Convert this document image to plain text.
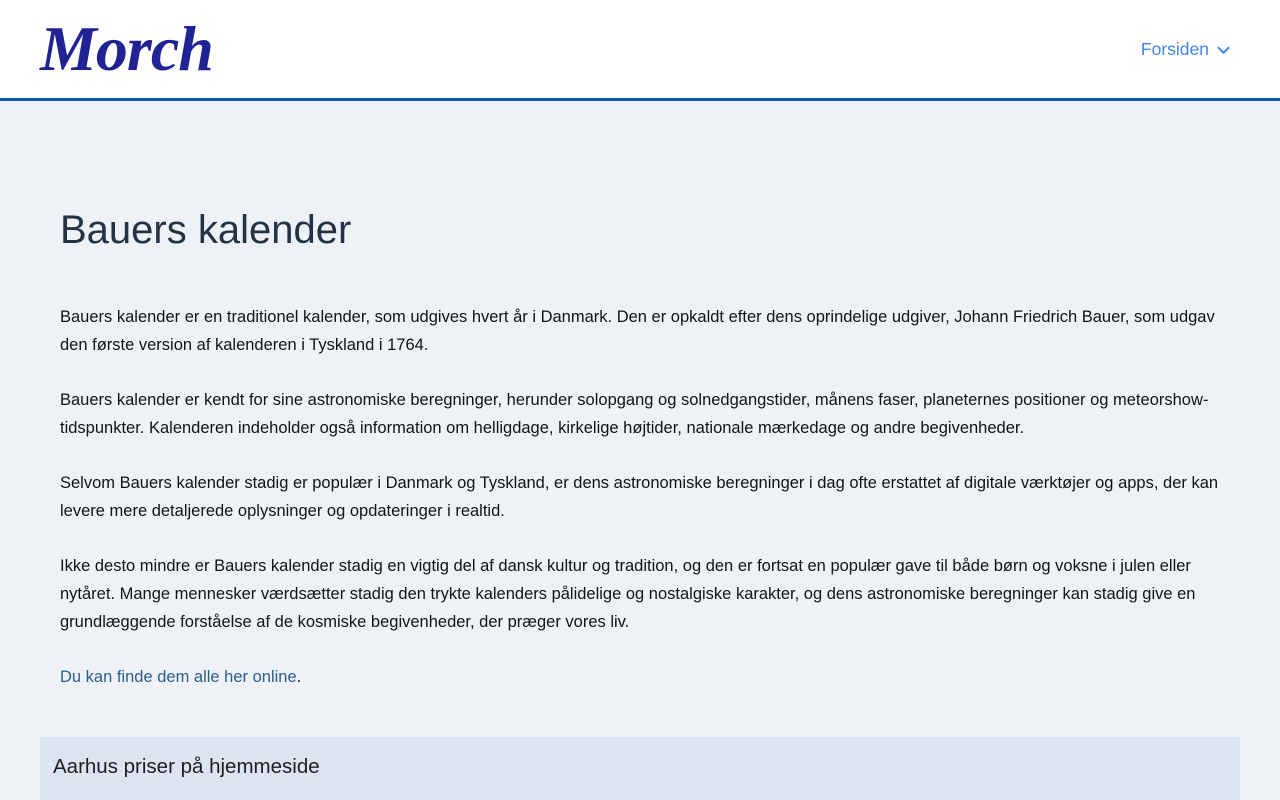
Morch	Forsiden
Bauers kalender

Bauers kalender er en traditionel kalender, som udgives hvert år i Danmark. Den er opkaldt efter dens oprindelige udgiver, Johann Friedrich Bauer, som udgav den første version af kalenderen i Tyskland i 1764.

Bauers kalender er kendt for sine astronomiske beregninger, herunder solopgang og solnedgangstider, månens faser, planeternes positioner og meteorshow-tidspunkter. Kalenderen indeholder også information om helligdage, kirkelige højtider, nationale mærkedage og andre begivenheder.

Selvom Bauers kalender stadig er populær i Danmark og Tyskland, er dens astronomiske beregninger i dag ofte erstattet af digitale værktøjer og apps, der kan levere mere detaljerede oplysninger og opdateringer i realtid.

Ikke desto mindre er Bauers kalender stadig en vigtig del af dansk kultur og tradition, og den er fortsat en populær gave til både børn og voksne i julen eller nytåret. Mange mennesker værdsætter stadig den trykte kalenders pålidelige og nostalgiske karakter, og dens astronomiske beregninger kan stadig give en grundlæggende forståelse af de kosmiske begivenheder, der præger vores liv.

Du kan finde dem alle her online.

Aarhus priser på hjemmeside
